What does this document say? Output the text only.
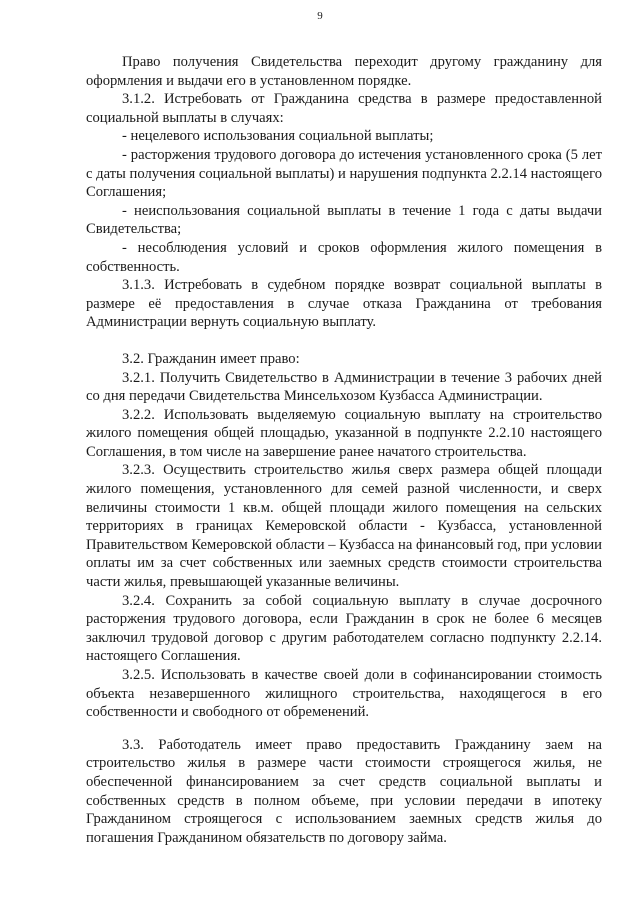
9

Право получения Свидетельства переходит другому гражданину для оформления и выдачи его в установленном порядке.

3.1.2. Истребовать от Гражданина средства в размере предоставленной социальной выплаты в случаях:

- нецелевого использования социальной выплаты;

- расторжения трудового договора до истечения установленного срока (5 лет с даты получения социальной выплаты) и нарушения подпункта 2.2.14 настоящего Соглашения;

- неиспользования социальной выплаты в течение 1 года с даты выдачи Свидетельства;

- несоблюдения условий и сроков оформления жилого помещения в собственность.

3.1.3. Истребовать в судебном порядке возврат социальной выплаты в размере её предоставления в случае отказа Гражданина от требования Администрации вернуть социальную выплату.

3.2. Гражданин имеет право:

3.2.1. Получить Свидетельство в Администрации в течение 3 рабочих дней со дня передачи Свидетельства Минсельхозом Кузбасса Администрации.

3.2.2. Использовать выделяемую социальную выплату на строительство жилого помещения общей площадью, указанной в подпункте 2.2.10 настоящего Соглашения, в том числе на завершение ранее начатого строительства.

3.2.3. Осуществить строительство жилья сверх размера общей площади жилого помещения, установленного для семей разной численности, и сверх величины стоимости 1 кв.м. общей площади жилого помещения на сельских территориях в границах Кемеровской области - Кузбасса, установленной Правительством Кемеровской области – Кузбасса на финансовый год, при условии оплаты им за счет собственных или заемных средств стоимости строительства части жилья, превышающей указанные величины.

3.2.4. Сохранить за собой социальную выплату в случае досрочного расторжения трудового договора, если Гражданин в срок не более 6 месяцев заключил трудовой договор с другим работодателем согласно подпункту 2.2.14. настоящего Соглашения.

3.2.5. Использовать в качестве своей доли в софинансировании стоимость объекта незавершенного жилищного строительства, находящегося в его собственности и свободного от обременений.

3.3. Работодатель имеет право предоставить Гражданину заем на строительство жилья в размере части стоимости строящегося жилья, не обеспеченной финансированием за счет средств социальной выплаты и собственных средств в полном объеме, при условии передачи в ипотеку Гражданином строящегося с использованием заемных средств жилья до погашения Гражданином обязательств по договору займа.
